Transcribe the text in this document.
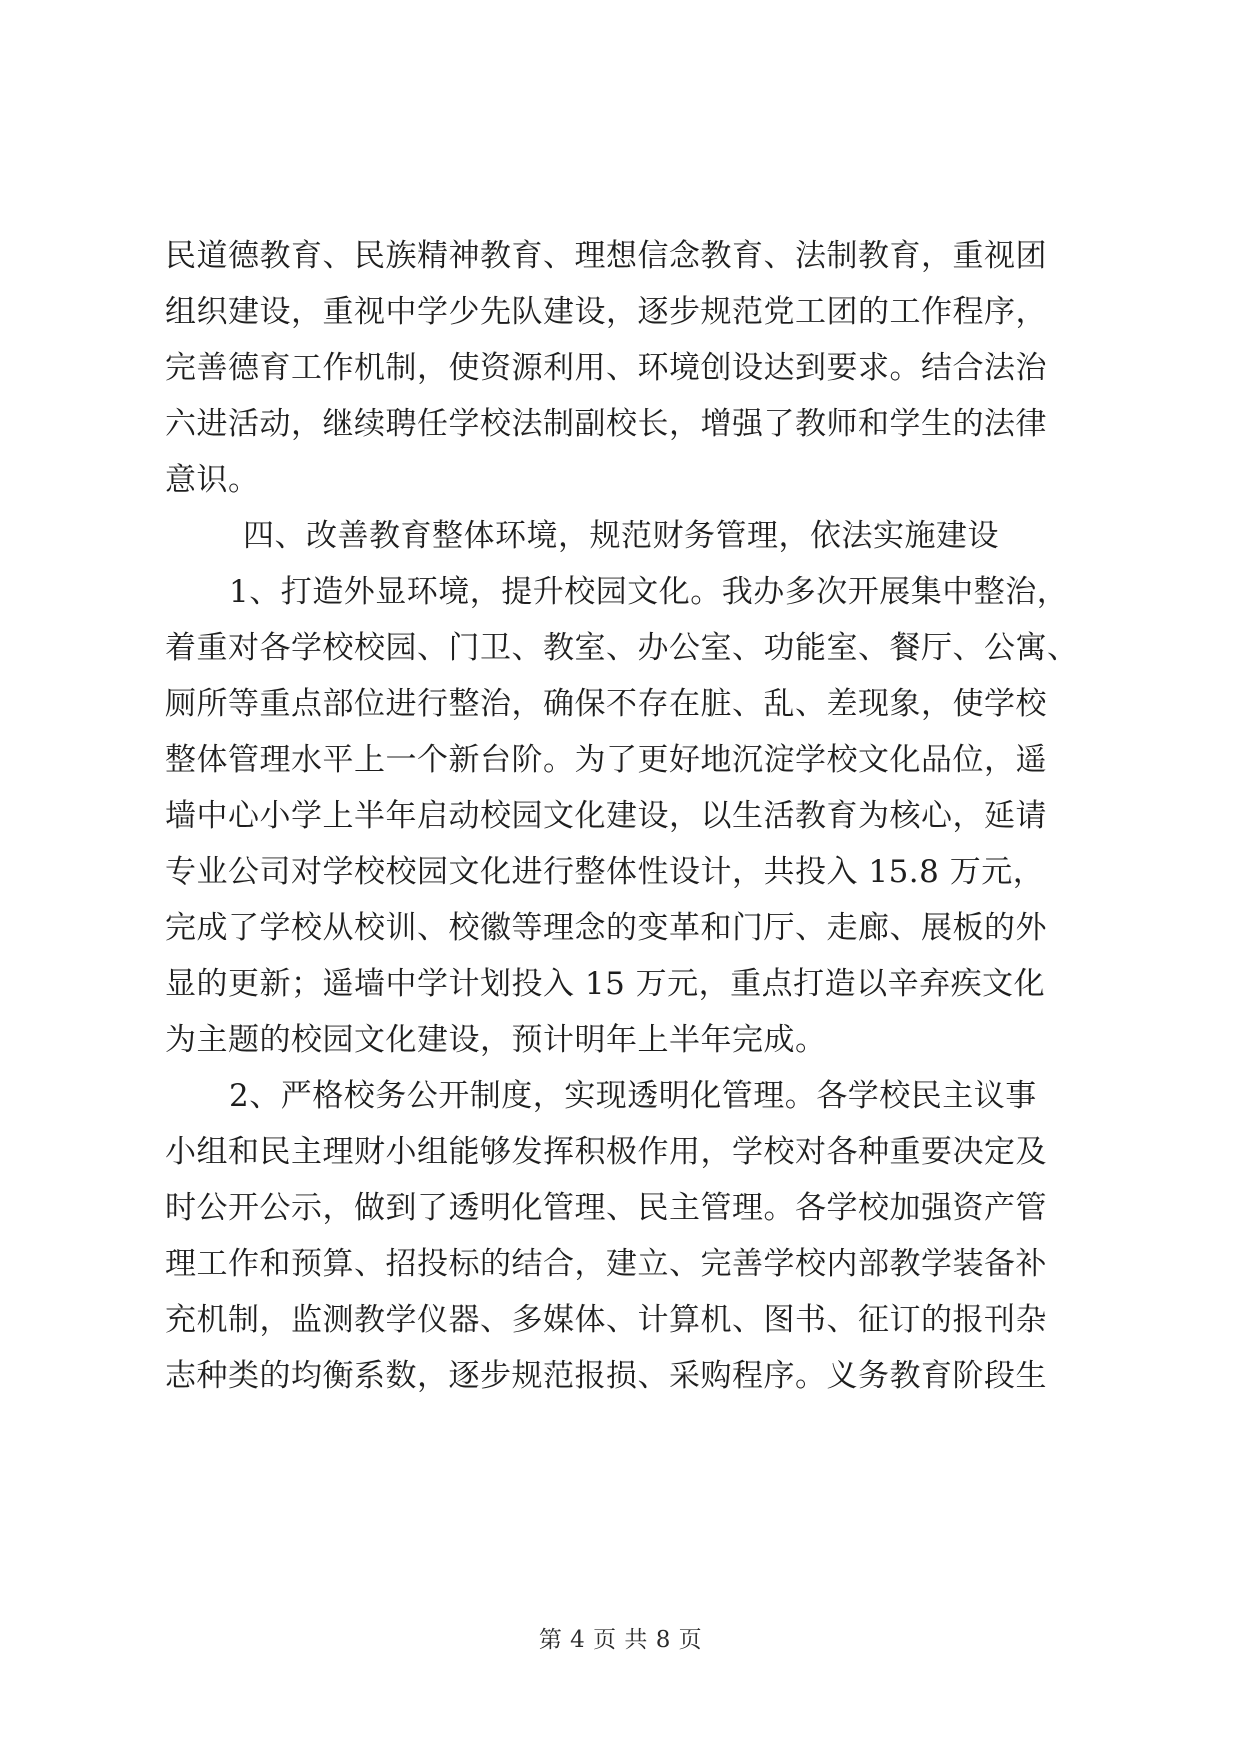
民道德教育、民族精神教育、理想信念教育、法制教育，重视团
组织建设，重视中学少先队建设，逐步规范党工团的工作程序，
完善德育工作机制，使资源利用、环境创设达到要求。结合法治
六进活动，继续聘任学校法制副校长，增强了教师和学生的法律
意识。
四、改善教育整体环境，规范财务管理，依法实施建设
1、打造外显环境，提升校园文化。我办多次开展集中整治，
着重对各学校校园、门卫、教室、办公室、功能室、餐厅、公寓、
厕所等重点部位进行整治，确保不存在脏、乱、差现象，使学校
整体管理水平上一个新台阶。为了更好地沉淀学校文化品位，遥
墙中心小学上半年启动校园文化建设，以生活教育为核心，延请
专业公司对学校校园文化进行整体性设计，共投入 15.8 万元，
完成了学校从校训、校徽等理念的变革和门厅、走廊、展板的外
显的更新；遥墙中学计划投入 15 万元，重点打造以辛弃疾文化
为主题的校园文化建设，预计明年上半年完成。
2、严格校务公开制度，实现透明化管理。各学校民主议事
小组和民主理财小组能够发挥积极作用，学校对各种重要决定及
时公开公示，做到了透明化管理、民主管理。各学校加强资产管
理工作和预算、招投标的结合，建立、完善学校内部教学装备补
充机制，监测教学仪器、多媒体、计算机、图书、征订的报刊杂
志种类的均衡系数，逐步规范报损、采购程序。义务教育阶段生
第 4 页 共 8 页
